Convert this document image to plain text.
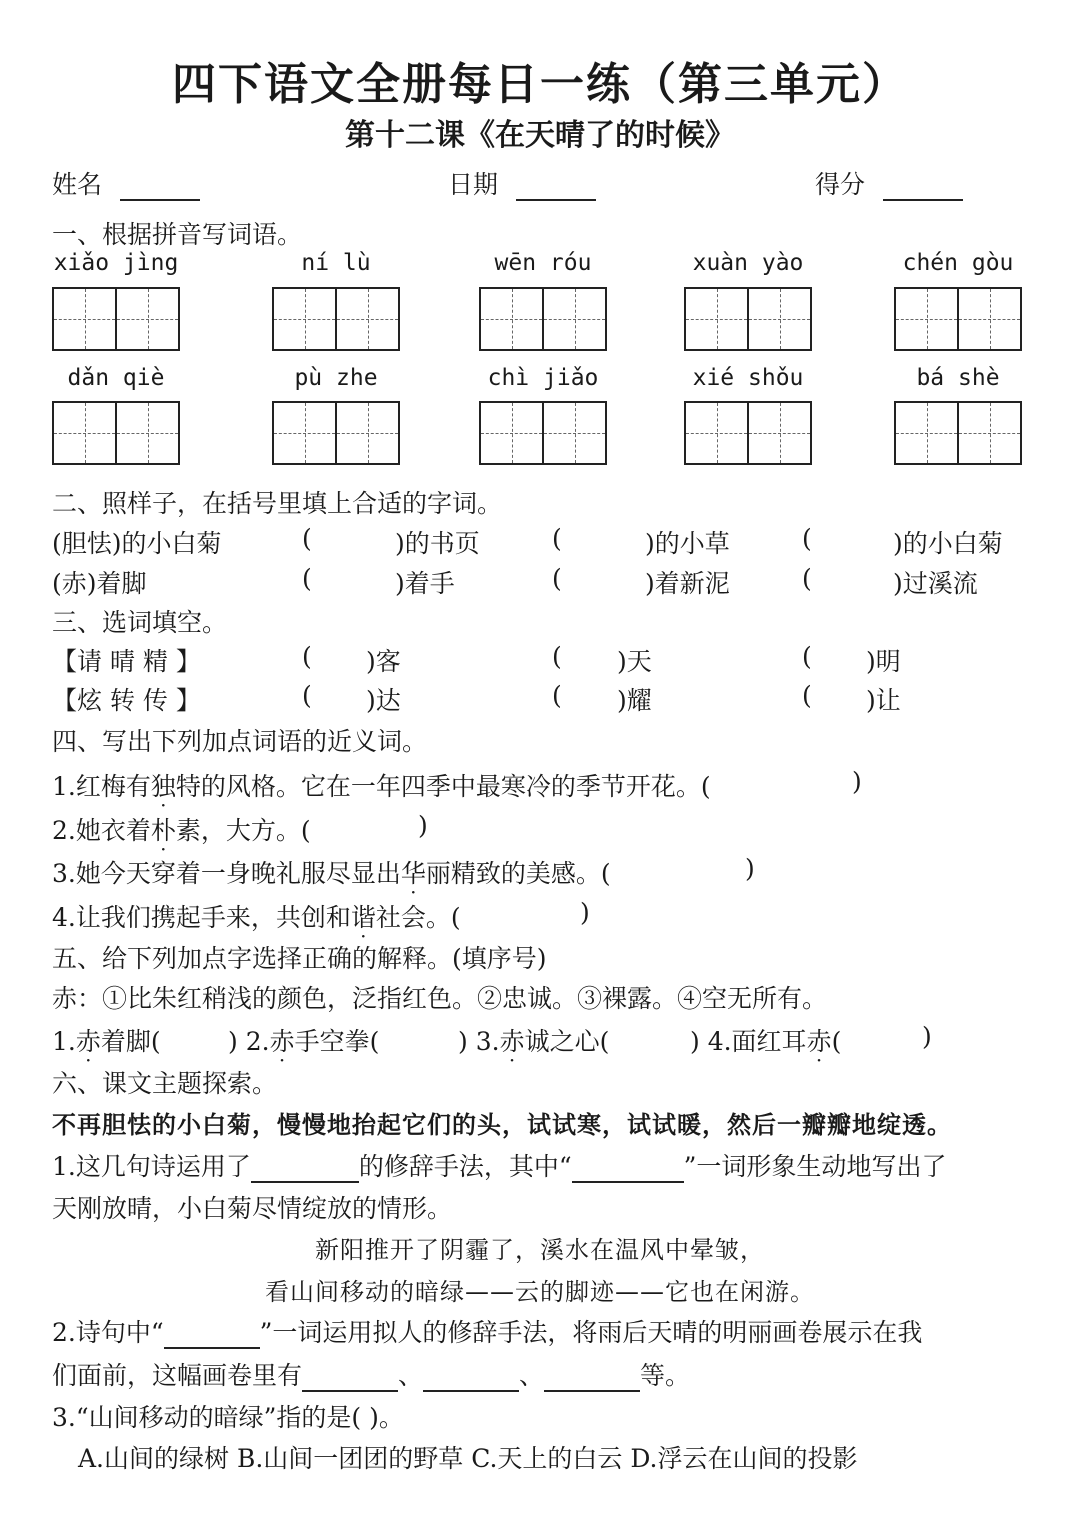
四下语文全册每日一练（第三单元）
第十二课《在天晴了的时候》
姓名	日期	得分
一、根据拼音写词语。
xiǎo jìng	ní lù	wēn róu	xuàn yào	chén gòu
dǎn qiè	pù zhe	chì jiǎo	xié shǒu	bá shè
二、照样子，在括号里填上合适的字词。
(胆怯)的小白菊	(	)的书页	(	)的小草	(	)的小白菊
(赤)着脚	(	)着手	(	)着新泥	(	)过溪流
三、选词填空。
【请 晴 精 】	( )客	( )天	( )明
【炫 转 传 】	( )达	( )耀	( )让
四、写出下列加点词语的近义词。
1.红梅有独特的风格。它在一年四季中最寒冷的季节开花。(	)
2.她衣着朴素，大方。(	)
3.她今天穿着一身晚礼服尽显出华丽精致的美感。(	)
4.让我们携起手来，共创和谐社会。(	)
五、给下列加点字选择正确的解释。(填序号)
赤：①比朱红稍浅的颜色，泛指红色。②忠诚。③裸露。④空无所有。
1.赤着脚(	) 2.赤手空拳(	) 3.赤诚之心(	) 4.面红耳赤(	)
六、课文主题探索。
不再胆怯的小白菊，慢慢地抬起它们的头，试试寒，试试暖，然后一瓣瓣地绽透。
1.这几句诗运用了	的修辞手法，其中“	”一词形象生动地写出了
天刚放晴，小白菊尽情绽放的情形。
新阳推开了阴霾了，溪水在温风中晕皱，
看山间移动的暗绿——云的脚迹——它也在闲游。
2.诗句中“	”一词运用拟人的修辞手法，将雨后天晴的明丽画卷展示在我
们面前，这幅画卷里有	、	、	等。
3.“山间移动的暗绿”指的是( )。
A.山间的绿树 B.山间一团团的野草 C.天上的白云 D.浮云在山间的投影
